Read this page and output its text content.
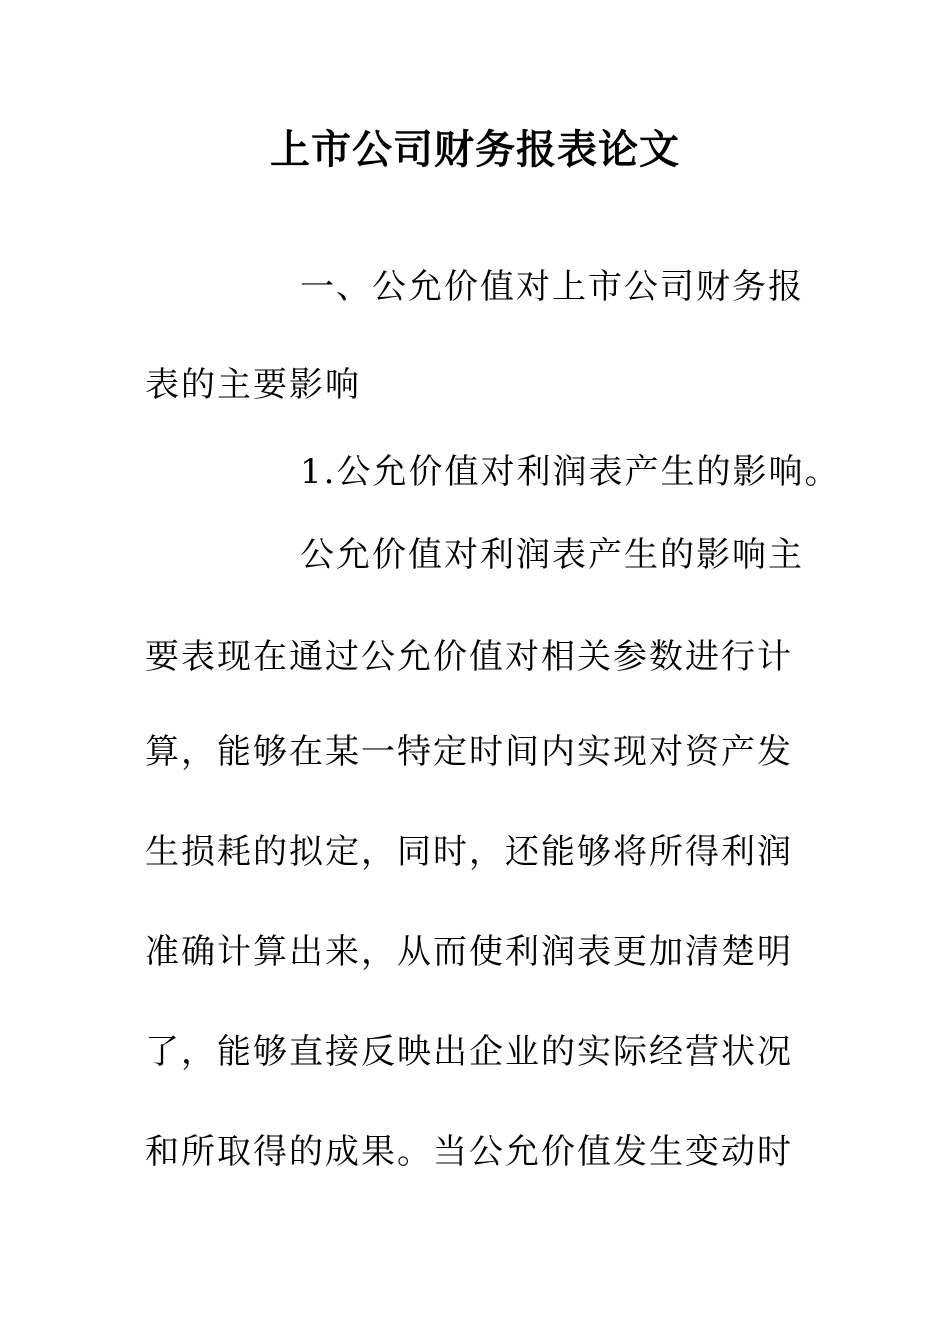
上市公司财务报表论文
一、公允价值对上市公司财务报
表的主要影响
1.公允价值对利润表产生的影响。
公允价值对利润表产生的影响主
要表现在通过公允价值对相关参数进行计
算，能够在某一特定时间内实现对资产发
生损耗的拟定，同时，还能够将所得利润
准确计算出来，从而使利润表更加清楚明
了，能够直接反映出企业的实际经营状况
和所取得的成果。当公允价值发生变动时
